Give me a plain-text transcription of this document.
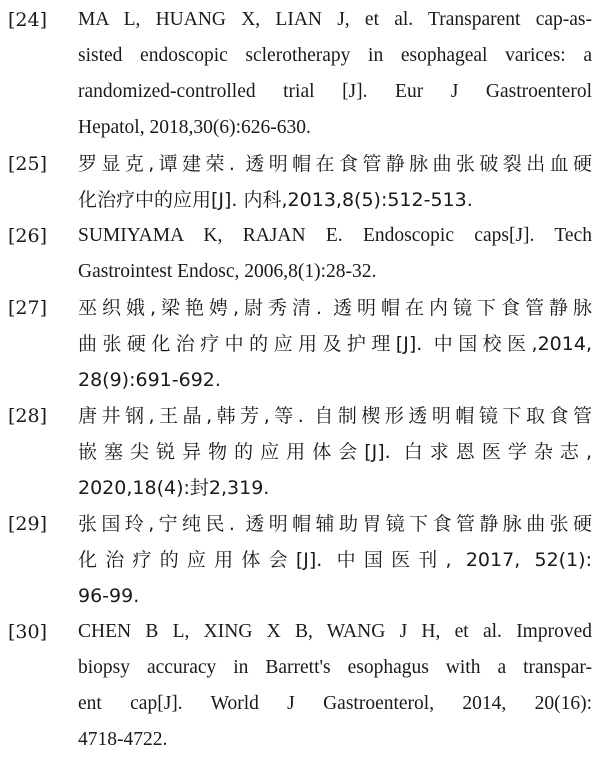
[24] MA L, HUANG X, LIAN J, et al. Transparent cap-as-
sisted endoscopic sclerotherapy in esophageal varices: a
randomized-controlled trial [J]. Eur J Gastroenterol
Hepatol, 2018,30(6):626-630.
[25] 罗显克,谭建荣. 透明帽在食管静脉曲张破裂出血硬
化治疗中的应用[J]. 内科,2013,8(5):512-513.
[26] SUMIYAMA K, RAJAN E. Endoscopic caps[J]. Tech
Gastrointest Endosc, 2006,8(1):28-32.
[27] 巫织娥,梁艳娉,尉秀清. 透明帽在内镜下食管静脉
曲张硬化治疗中的应用及护理[J]. 中国校医,2014,
28(9):691-692.
[28] 唐井钢,王晶,韩芳,等. 自制楔形透明帽镜下取食管
嵌塞尖锐异物的应用体会[J]. 白求恩医学杂志,
2020,18(4):封2,319.
[29] 张国玲,宁纯民. 透明帽辅助胃镜下食管静脉曲张硬
化治疗的应用体会[J]. 中国医刊, 2017, 52(1):
96-99.
[30] CHEN B L, XING X B, WANG J H, et al. Improved
biopsy accuracy in Barrett's esophagus with a transpar-
ent cap[J]. World J Gastroenterol, 2014, 20(16):
4718-4722.
